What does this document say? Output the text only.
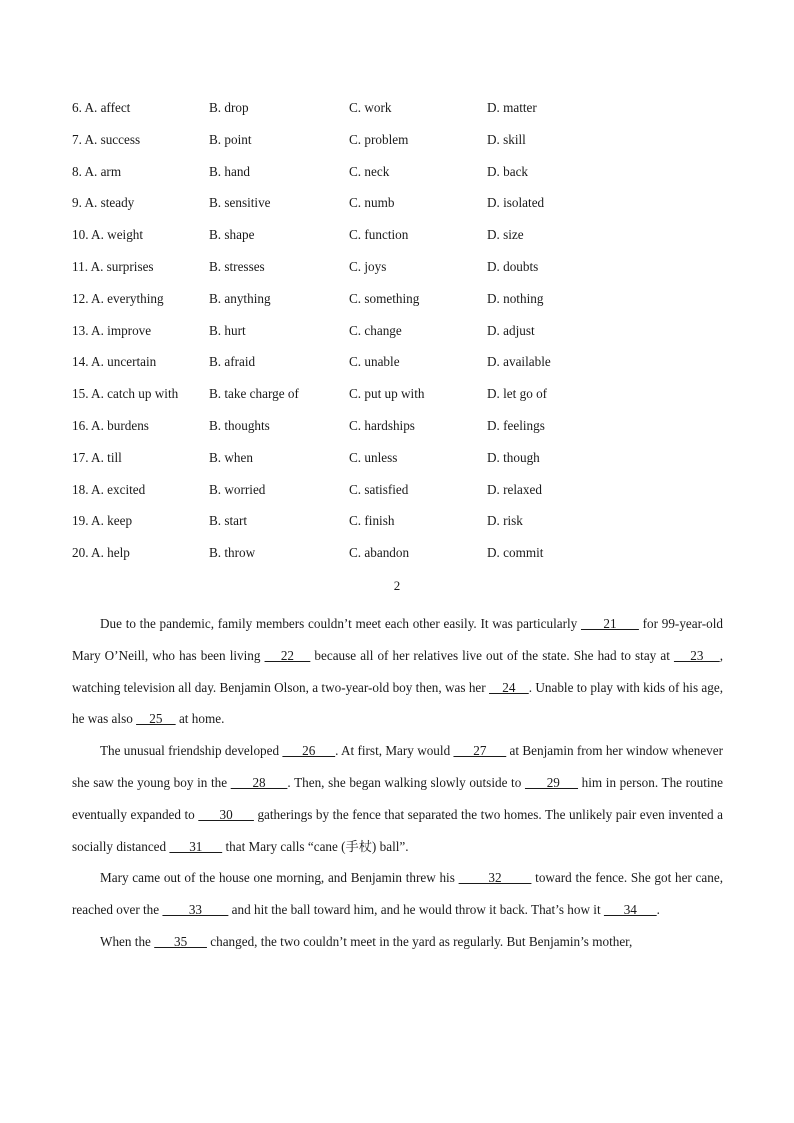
6. A. affect	B. drop	C. work	D. matter
7. A. success	B. point	C. problem	D. skill
8. A. arm	B. hand	C. neck	D. back
9. A. steady	B. sensitive	C. numb	D. isolated
10. A. weight	B. shape	C. function	D. size
11. A. surprises	B. stresses	C. joys	D. doubts
12. A. everything	B. anything	C. something	D. nothing
13. A. improve	B. hurt	C. change	D. adjust
14. A. uncertain	B. afraid	C. unable	D. available
15. A. catch up with B. take charge of	C. put up with	D. let go of
16. A. burdens	B. thoughts	C. hardships	D. feelings
17. A. till	B. when	C. unless	D. though
18. A. excited	B. worried	C. satisfied	D. relaxed
19. A. keep	B. start	C. finish	D. risk
20. A. help	B. throw	C. abandon	D. commit
2

Due to the pandemic, family members couldn’t meet each other easily. It was particularly       21       for 99-year-old Mary O’Neill, who has been living     22     because all of her relatives live out of the state. She had to stay at     23    , watching television all day. Benjamin Olson, a two-year-old boy then, was her     24    . Unable to play with kids of his age, he was also     25     at home.

The unusual friendship developed       26      . At first, Mary would       27       at Benjamin from her window whenever she saw the young boy in the       28      . Then, she began walking slowly outside to       29      him in person. The routine eventually expanded to       30       gatherings by the fence that separated the two homes. The unlikely pair even invented a socially distanced       31       that Mary calls “cane (手杖) ball”.

Mary came out of the house one morning, and Benjamin threw his         32         toward the fence. She got her cane, reached over the         33         and hit the ball toward him, and he would throw it back. That’s how it       34      .

When the       35       changed, the two couldn’t meet in the yard as regularly. But Benjamin’s mother,
